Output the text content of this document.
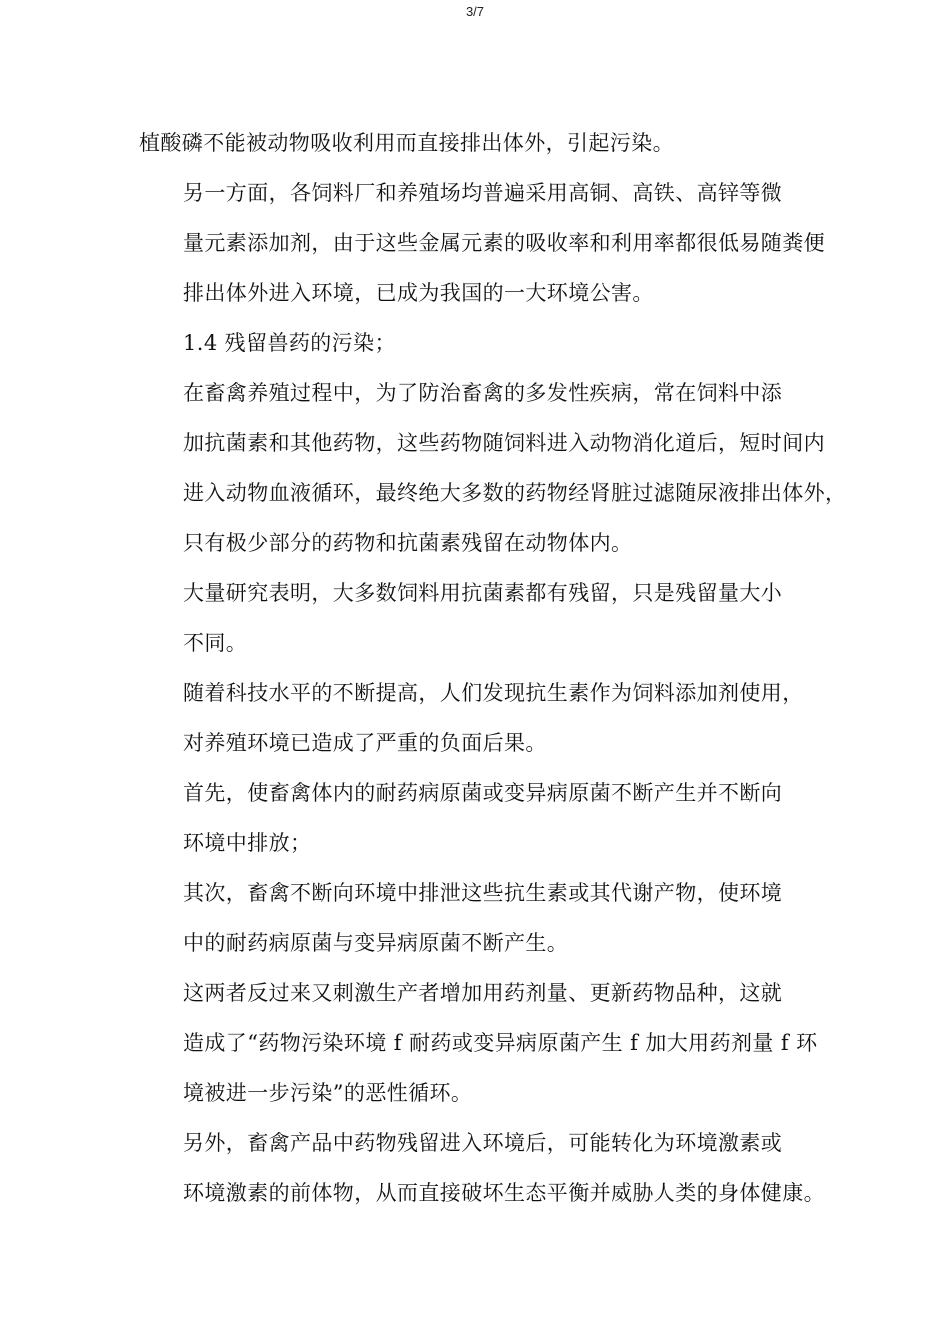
3/7

植酸磷不能被动物吸收利用而直接排出体外，引起污染。

另一方面，各饲料厂和养殖场均普遍采用高铜、高铁、高锌等微
量元素添加剂，由于这些金属元素的吸收率和利用率都很低易随粪便
排出体外进入环境，已成为我国的一大环境公害。

1.4 残留兽药的污染；

在畜禽养殖过程中，为了防治畜禽的多发性疾病，常在饲料中添
加抗菌素和其他药物，这些药物随饲料进入动物消化道后，短时间内
进入动物血液循环，最终绝大多数的药物经肾脏过滤随尿液排出体外，
只有极少部分的药物和抗菌素残留在动物体内。

大量研究表明，大多数饲料用抗菌素都有残留，只是残留量大小
不同。

随着科技水平的不断提高，人们发现抗生素作为饲料添加剂使用，
对养殖环境已造成了严重的负面后果。

首先，使畜禽体内的耐药病原菌或变异病原菌不断产生并不断向
环境中排放；

其次，畜禽不断向环境中排泄这些抗生素或其代谢产物，使环境
中的耐药病原菌与变异病原菌不断产生。

这两者反过来又刺激生产者增加用药剂量、更新药物品种，这就
造成了“药物污染环境 f 耐药或变异病原菌产生 f 加大用药剂量 f 环
境被进一步污染”的恶性循环。

另外，畜禽产品中药物残留进入环境后，可能转化为环境激素或
环境激素的前体物，从而直接破坏生态平衡并威胁人类的身体健康。
